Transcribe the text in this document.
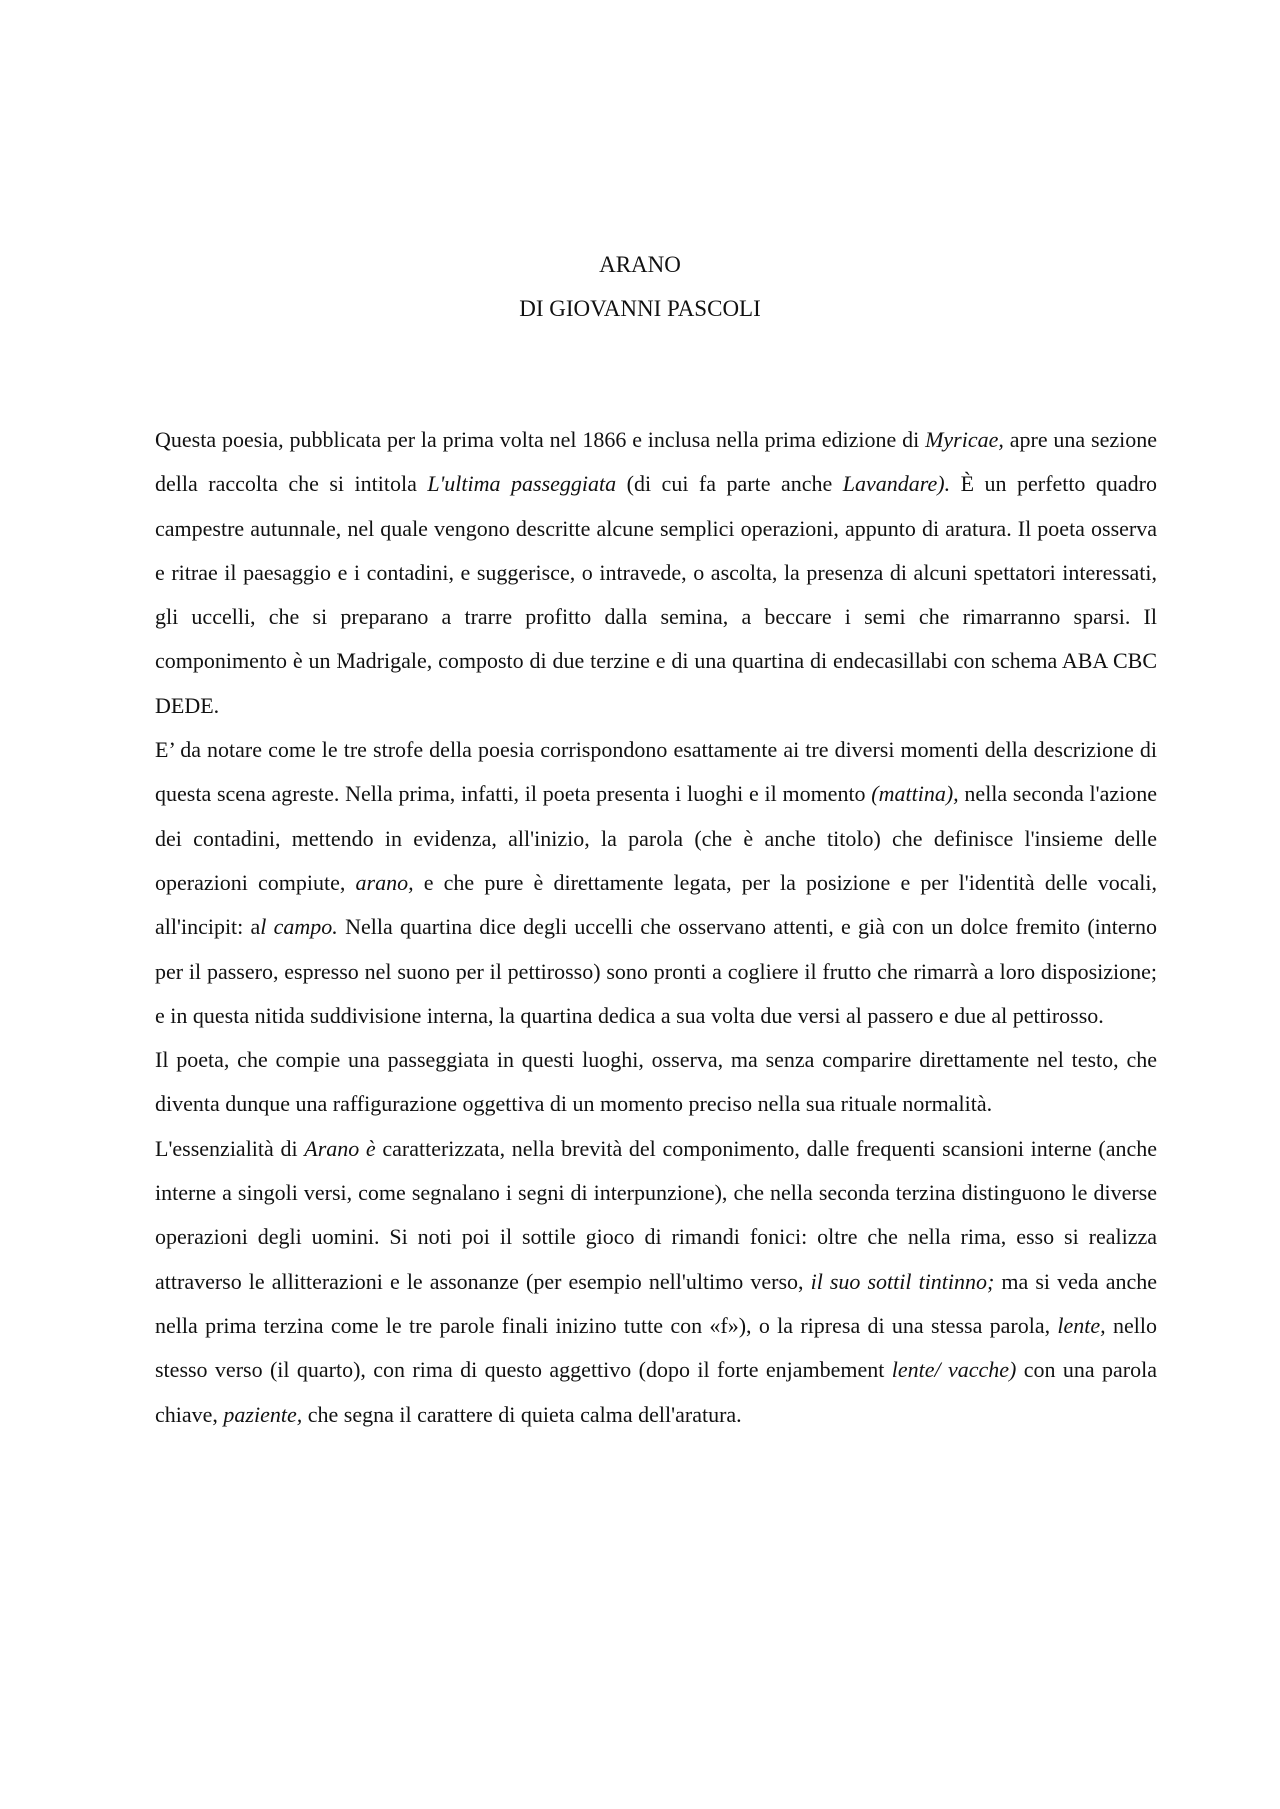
ARANO
DI GIOVANNI PASCOLI

Questa poesia, pubblicata per la prima volta nel 1866 e inclusa nella prima edizione di Myricae, apre una sezione della raccolta che si intitola L'ultima passeggiata (di cui fa parte anche Lavandare). È un perfetto quadro campestre autunnale, nel quale vengono descritte alcune semplici operazioni, appunto di aratura. Il poeta osserva e ritrae il paesaggio e i contadini, e suggerisce, o intravede, o ascolta, la presenza di alcuni spettatori interessati, gli uccelli, che si preparano a trarre profitto dalla semina, a beccare i semi che rimarranno sparsi. Il componimento è un Madrigale, composto di due terzine e di una quartina di endecasillabi con schema ABA CBC DEDE.

E’ da notare come le tre strofe della poesia corrispondono esattamente ai tre diversi momenti della descrizione di questa scena agreste. Nella prima, infatti, il poeta presenta i luoghi e il momento (mattina), nella seconda l'azione dei contadini, mettendo in evidenza, all'inizio, la parola (che è anche titolo) che definisce l'insieme delle operazioni compiute, arano, e che pure è direttamente legata, per la posizione e per l'identità delle vocali, all'incipit: al campo. Nella quartina dice degli uccelli che osservano attenti, e già con un dolce fremito (interno per il passero, espresso nel suono per il pettirosso) sono pronti a cogliere il frutto che rimarrà a loro disposizione; e in questa nitida suddivisione interna, la quartina dedica a sua volta due versi al passero e due al pettirosso.

Il poeta, che compie una passeggiata in questi luoghi, osserva, ma senza comparire direttamente nel testo, che diventa dunque una raffigurazione oggettiva di un momento preciso nella sua rituale normalità.

L'essenzialità di Arano è caratterizzata, nella brevità del componimento, dalle frequenti scansioni interne (anche interne a singoli versi, come segnalano i segni di interpunzione), che nella seconda terzina distinguono le diverse operazioni degli uomini. Si noti poi il sottile gioco di rimandi fonici: oltre che nella rima, esso si realizza attraverso le allitterazioni e le assonanze (per esempio nell'ultimo verso, il suo sottil tintinno; ma si veda anche nella prima terzina come le tre parole finali inizino tutte con «f»), o la ripresa di una stessa parola, lente, nello stesso verso (il quarto), con rima di questo aggettivo (dopo il forte enjambement lente/ vacche) con una parola chiave, paziente, che segna il carattere di quieta calma dell'aratura.
